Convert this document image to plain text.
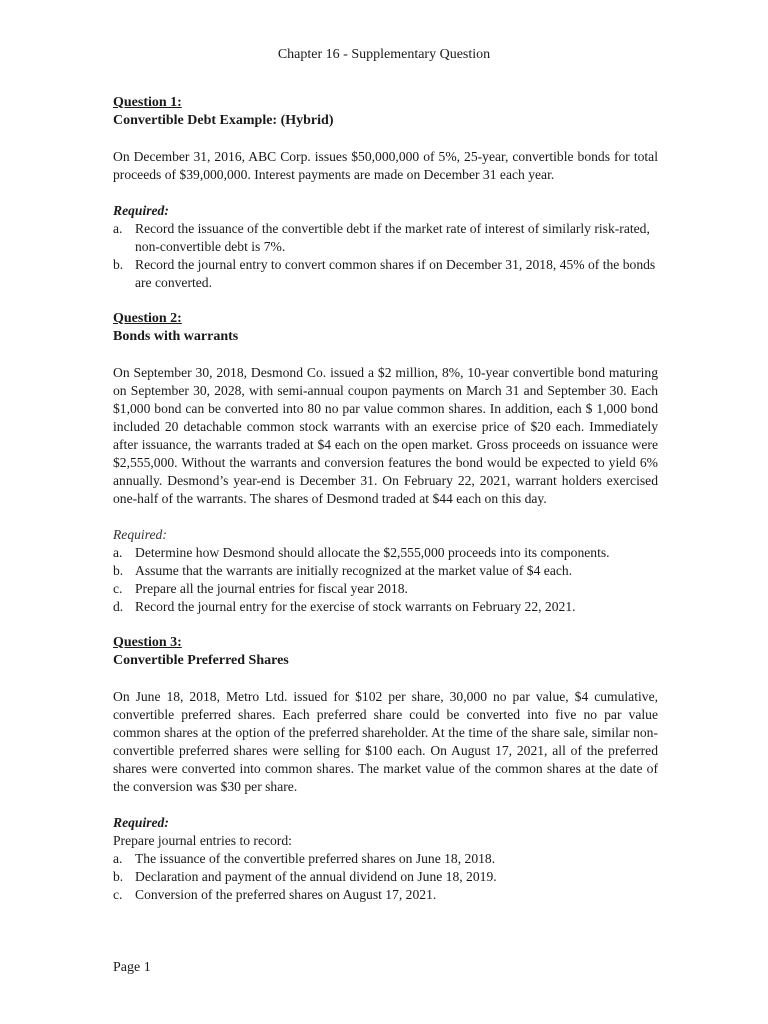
Chapter 16 - Supplementary Question
Question 1:
Convertible Debt Example: (Hybrid)

On December 31, 2016, ABC Corp. issues $50,000,000 of 5%, 25-year, convertible bonds for total proceeds of $39,000,000. Interest payments are made on December 31 each year.

Required:
a. Record the issuance of the convertible debt if the market rate of interest of similarly risk-rated, non-convertible debt is 7%.
b. Record the journal entry to convert common shares if on December 31, 2018, 45% of the bonds are converted.
Question 2:
Bonds with warrants

On September 30, 2018, Desmond Co. issued a $2 million, 8%, 10-year convertible bond maturing on September 30, 2028, with semi-annual coupon payments on March 31 and September 30. Each $1,000 bond can be converted into 80 no par value common shares. In addition, each $ 1,000 bond included 20 detachable common stock warrants with an exercise price of $20 each. Immediately after issuance, the warrants traded at $4 each on the open market. Gross proceeds on issuance were $2,555,000. Without the warrants and conversion features the bond would be expected to yield 6% annually. Desmond’s year-end is December 31. On February 22, 2021, warrant holders exercised one-half of the warrants. The shares of Desmond traded at $44 each on this day.

Required:
a. Determine how Desmond should allocate the $2,555,000 proceeds into its components.
b. Assume that the warrants are initially recognized at the market value of $4 each.
c. Prepare all the journal entries for fiscal year 2018.
d. Record the journal entry for the exercise of stock warrants on February 22, 2021.
Question 3:
Convertible Preferred Shares

On June 18, 2018, Metro Ltd. issued for $102 per share, 30,000 no par value, $4 cumulative, convertible preferred shares. Each preferred share could be converted into five no par value common shares at the option of the preferred shareholder. At the time of the share sale, similar non-convertible preferred shares were selling for $100 each. On August 17, 2021, all of the preferred shares were converted into common shares. The market value of the common shares at the date of the conversion was $30 per share.

Required:
Prepare journal entries to record:
a. The issuance of the convertible preferred shares on June 18, 2018.
b. Declaration and payment of the annual dividend on June 18, 2019.
c. Conversion of the preferred shares on August 17, 2021.
Page 1
